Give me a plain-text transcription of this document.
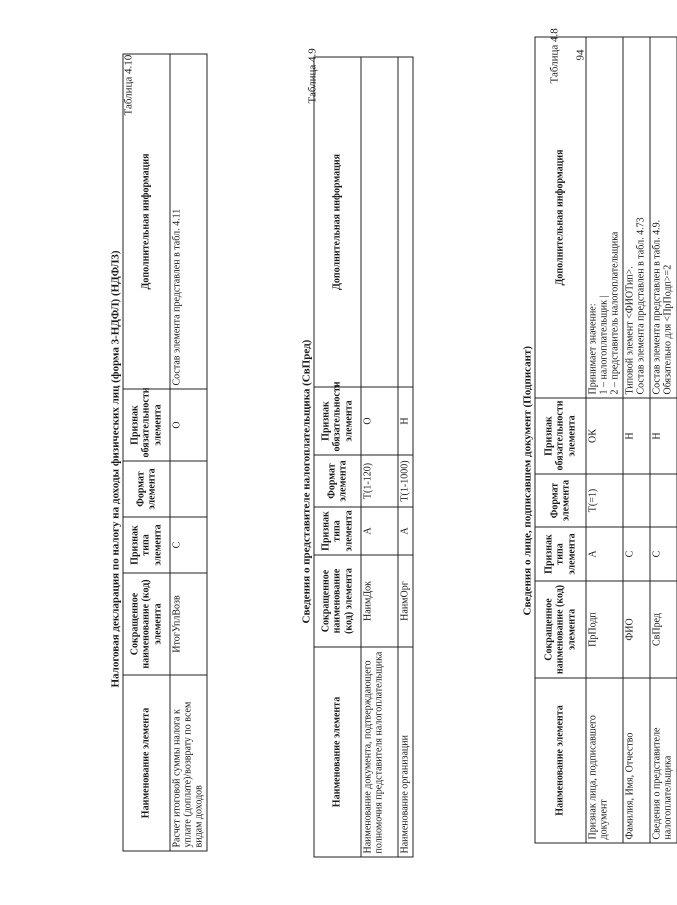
94
Таблица 4.8
Сведения о лице, подписавшем документ (Подписант)
Наименование элемента	Сокращенное наименование (код) элемента	Признак типа элемента	Формат элемента	Признак обязательности элемента	Дополнительная информация
Признак лица, подписавшего документ	ПрПодп	А	Т(=1)	ОК	Принимает значение:
1 – налогоплательщик |
2 – представитель налогоплательщика
Фамилия, Имя, Отчество	ФИО	С		Н	Типовой элемент <ФИОТип>.
Состав элемента представлен в табл. 4.73
Сведения о представителе налогоплательщика	СвПред	С		Н	Состав элемента представлен в табл. 4.9.
Обязательно для <ПрПодп>=2
Таблица 4.9
Сведения о представителе налогоплательщика (СвПред)
Наименование элемента	Сокращенное наименование (код) элемента	Признак типа элемента	Формат элемента	Признак обязательности элемента	Дополнительная информация
Наименование документа, подтверждающего полномочия представителя налогоплательщика	НаимДок	А	Т(1-120)	О	
Наименование организации	НаимОрг	А	Т(1-1000)	Н	
Таблица 4.10
Налоговая декларация по налогу на доходы физических лиц (форма 3-НДФЛ) (НДФЛ3)
Наименование элемента	Сокращенное наименование (код) элемента	Признак типа элемента	Формат элемента	Признак обязательности элемента	Дополнительная информация
Расчет итоговой суммы налога к уплате (доплате)/возврату по всем видам доходов	ИтогУплВозв	С		О	Состав элемента представлен в табл. 4.11
